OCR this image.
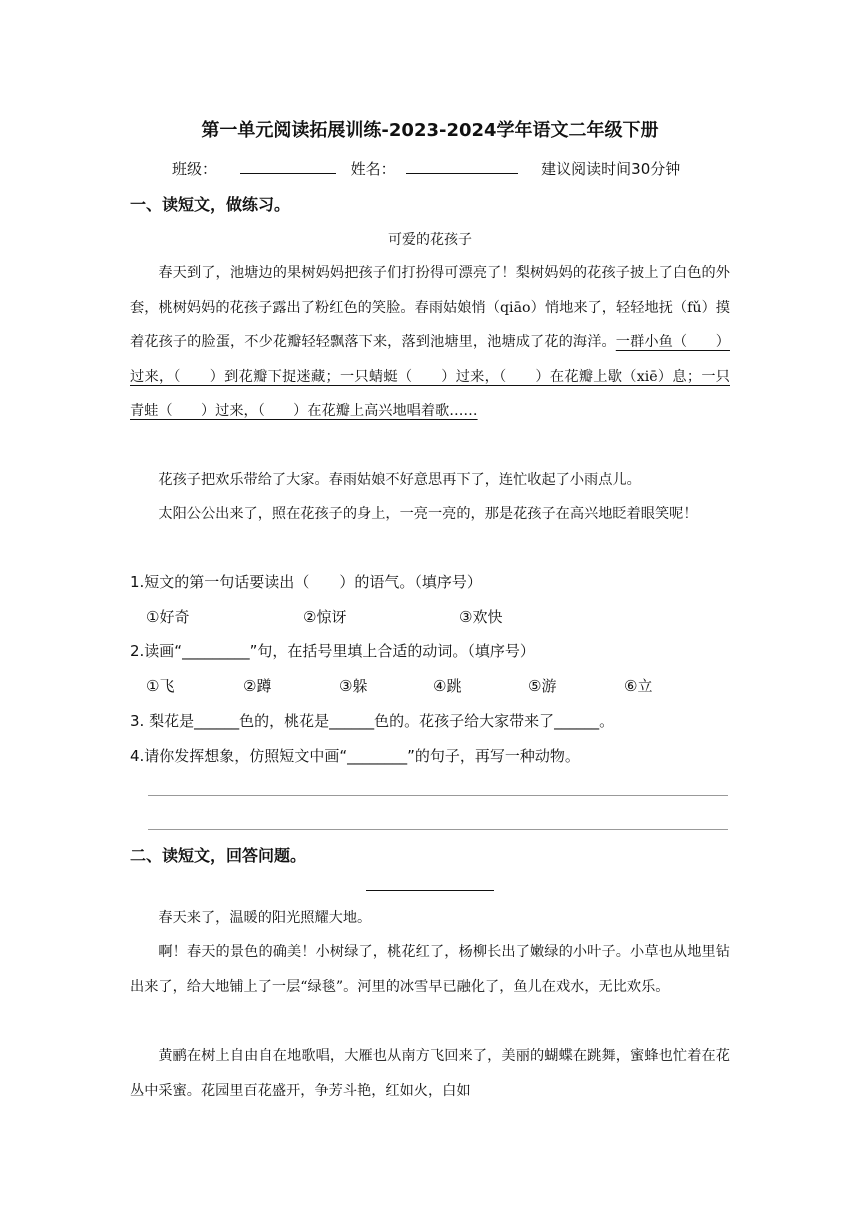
第一单元阅读拓展训练-2023-2024学年语文二年级下册
班级：	姓名：	建议阅读时间30分钟
一、读短文，做练习。
可爱的花孩子
春天到了，池塘边的果树妈妈把孩子们打扮得可漂亮了！梨树妈妈的花孩子披上了白色的外套，桃树妈妈的花孩子露出了粉红色的笑脸。春雨姑娘悄（qiāo）悄地来了，轻轻地抚（fǔ）摸着花孩子的脸蛋，不少花瓣轻轻飘落下来，落到池塘里，池塘成了花的海洋。一群小鱼（　　）过来，（　　）到花瓣下捉迷藏；一只蜻蜓（　　）过来，（　　）在花瓣上歇（xiē）息；一只青蛙（　　）过来，（　　）在花瓣上高兴地唱着歌……
花孩子把欢乐带给了大家。春雨姑娘不好意思再下了，连忙收起了小雨点儿。
太阳公公出来了，照在花孩子的身上，一亮一亮的，那是花孩子在高兴地眨着眼笑呢！
1.短文的第一句话要读出（　　）的语气。（填序号）
①好奇	②惊讶	③欢快
2.读画“_________”句，在括号里填上合适的动词。（填序号）
①飞	②蹲	③躲	④跳	⑤游	⑥立
3. 梨花是______色的，桃花是______色的。花孩子给大家带来了______。
4.请你发挥想象，仿照短文中画“________”的句子，再写一种动物。
二、读短文，回答问题。
春天来了，温暖的阳光照耀大地。
啊！春天的景色的确美！小树绿了，桃花红了，杨柳长出了嫩绿的小叶子。小草也从地里钻出来了，给大地铺上了一层“绿毯”。河里的冰雪早已融化了，鱼儿在戏水，无比欢乐。
黄鹂在树上自由自在地歌唱，大雁也从南方飞回来了，美丽的蝴蝶在跳舞，蜜蜂也忙着在花丛中采蜜。花园里百花盛开，争芳斗艳，红如火，白如
